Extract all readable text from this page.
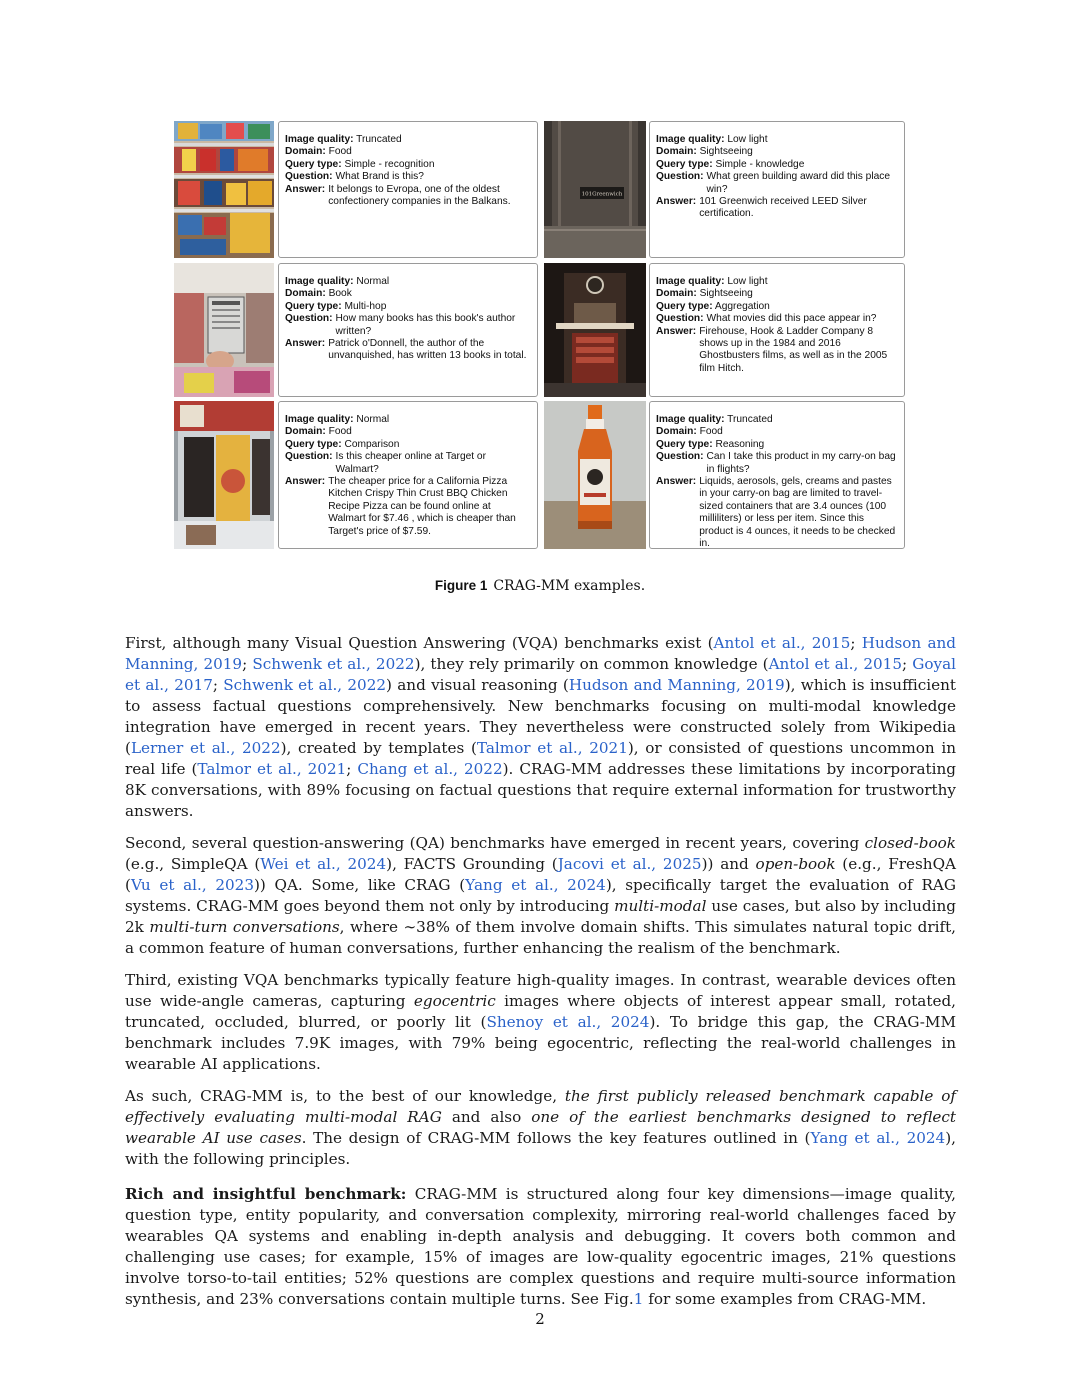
Image quality: Truncated
Domain: Food
Query type: Simple - recognition
Question: What Brand is this?
Answer: It belongs to Evropa, one of the oldest confectionery companies in the Balkans.
101Greenwich
Image quality: Low light
Domain: Sightseeing
Query type: Simple - knowledge
Question: What green building award did this place win?
Answer: 101 Greenwich received LEED Silver certification.
Image quality: Normal
Domain: Book
Query type: Multi-hop
Question: How many books has this book's author written?
Answer: Patrick o'Donnell, the author of the unvanquished, has written 13 books in total.
Image quality: Low light
Domain: Sightseeing
Query type: Aggregation
Question: What movies did this pace appear in?
Answer: Firehouse, Hook & Ladder Company 8 shows up in the 1984 and 2016 Ghostbusters films, as well as in the 2005 film Hitch.
Image quality: Normal
Domain: Food
Query type: Comparison
Question: Is this cheaper online at Target or Walmart?
Answer: The cheaper price for a California Pizza Kitchen Crispy Thin Crust BBQ Chicken Recipe Pizza can be found online at Walmart for $7.46 , which is cheaper than Target's price of $7.59.
Image quality: Truncated
Domain: Food
Query type: Reasoning
Question: Can I take this product in my carry-on bag in flights?
Answer: Liquids, aerosols, gels, creams and pastes in your carry-on bag are limited to travel-sized containers that are 3.4 ounces (100 milliliters) or less per item. Since this product is 4 ounces, it needs to be checked in.
Figure 1 CRAG-MM examples.

First, although many Visual Question Answering (VQA) benchmarks exist (Antol et al., 2015; Hudson and Manning, 2019; Schwenk et al., 2022), they rely primarily on common knowledge (Antol et al., 2015; Goyal et al., 2017; Schwenk et al., 2022) and visual reasoning (Hudson and Manning, 2019), which is insufficient to assess factual questions comprehensively. New benchmarks focusing on multi-modal knowledge integration have emerged in recent years. They nevertheless were constructed solely from Wikipedia (Lerner et al., 2022), created by templates (Talmor et al., 2021), or consisted of questions uncommon in real life (Talmor et al., 2021; Chang et al., 2022). CRAG-MM addresses these limitations by incorporating 8K conversations, with 89% focusing on factual questions that require external information for trustworthy answers.

Second, several question-answering (QA) benchmarks have emerged in recent years, covering closed-book (e.g., SimpleQA (Wei et al., 2024), FACTS Grounding (Jacovi et al., 2025)) and open-book (e.g., FreshQA (Vu et al., 2023)) QA. Some, like CRAG (Yang et al., 2024), specifically target the evaluation of RAG systems. CRAG-MM goes beyond them not only by introducing multi-modal use cases, but also by including 2k multi-turn conversations, where ∼38% of them involve domain shifts. This simulates natural topic drift, a common feature of human conversations, further enhancing the realism of the benchmark.

Third, existing VQA benchmarks typically feature high-quality images. In contrast, wearable devices often use wide-angle cameras, capturing egocentric images where objects of interest appear small, rotated, truncated, occluded, blurred, or poorly lit (Shenoy et al., 2024). To bridge this gap, the CRAG-MM benchmark includes 7.9K images, with 79% being egocentric, reflecting the real-world challenges in wearable AI applications.

As such, CRAG-MM is, to the best of our knowledge, the first publicly released benchmark capable of effectively evaluating multi-modal RAG and also one of the earliest benchmarks designed to reflect wearable AI use cases. The design of CRAG-MM follows the key features outlined in (Yang et al., 2024), with the following principles.

Rich and insightful benchmark: CRAG-MM is structured along four key dimensions—image quality, question type, entity popularity, and conversation complexity, mirroring real-world challenges faced by wearables QA systems and enabling in-depth analysis and debugging. It covers both common and challenging use cases; for example, 15% of images are low-quality egocentric images, 21% questions involve torso-to-tail entities; 52% questions are complex questions and require multi-source information synthesis, and 23% conversations contain multiple turns. See Fig.1 for some examples from CRAG-MM.

2
